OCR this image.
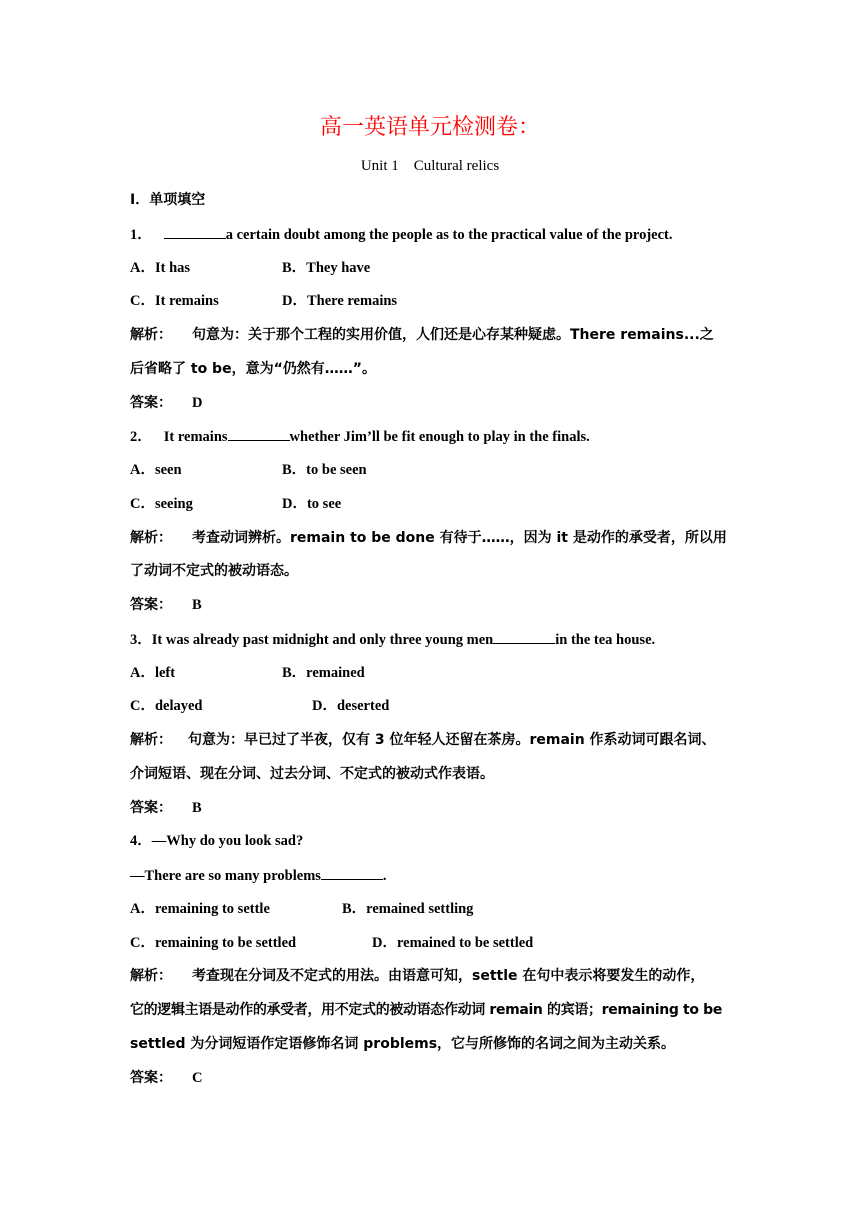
高一英语单元检测卷：
Unit 1    Cultural relics
I．单项填空
1．	a certain doubt among the people as to the practical value of the project.
A．It has	B．They have
C．It remains	D．There remains
解析： 句意为：关于那个工程的实用价值，人们还是心存某种疑虑。There remains...之
后省略了 to be，意为“仍然有……”。
答案： D
2． It remains	whether Jim’ll be fit enough to play in the finals.
A．seen	B．to be seen
C．seeing	D．to see
解析： 考查动词辨析。remain to be done 有待于……，因为 it 是动作的承受者，所以用
了动词不定式的被动语态。
答案： B
3．It was already past midnight and only three young men	in the tea house.
A．left	B．remained
C．delayed	D．deserted
解析： 句意为：早已过了半夜，仅有 3 位年轻人还留在茶房。remain 作系动词可跟名词、
介词短语、现在分词、过去分词、不定式的被动式作表语。
答案： B
4．—Why do you look sad?
—There are so many problems	.
A．remaining to settle	B．remained settling
C．remaining to be settled	D．remained to be settled
解析： 考查现在分词及不定式的用法。由语意可知，settle 在句中表示将要发生的动作，
它的逻辑主语是动作的承受者，用不定式的被动语态作动词 remain 的宾语；remaining to be
settled 为分词短语作定语修饰名词 problems，它与所修饰的名词之间为主动关系。
答案： C
